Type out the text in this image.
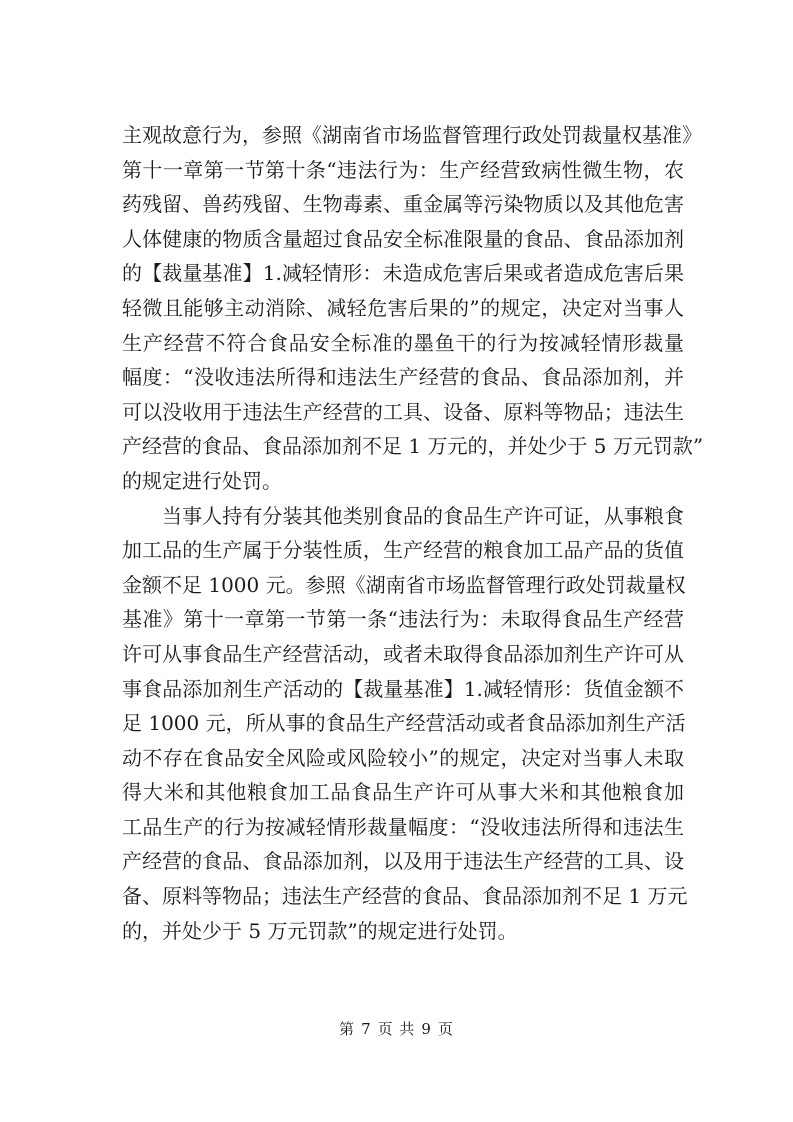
主观故意行为，参照《湖南省市场监督管理行政处罚裁量权基准》
第十一章第一节第十条“违法行为：生产经营致病性微生物，农
药残留、兽药残留、生物毒素、重金属等污染物质以及其他危害
人体健康的物质含量超过食品安全标准限量的食品、食品添加剂
的【裁量基准】1.减轻情形：未造成危害后果或者造成危害后果
轻微且能够主动消除、减轻危害后果的”的规定，决定对当事人
生产经营不符合食品安全标准的墨鱼干的行为按减轻情形裁量
幅度：“没收违法所得和违法生产经营的食品、食品添加剂，并
可以没收用于违法生产经营的工具、设备、原料等物品；违法生
产经营的食品、食品添加剂不足 1 万元的，并处少于 5 万元罚款”
的规定进行处罚。
当事人持有分装其他类别食品的食品生产许可证，从事粮食
加工品的生产属于分装性质，生产经营的粮食加工品产品的货值
金额不足 1000 元。参照《湖南省市场监督管理行政处罚裁量权
基准》第十一章第一节第一条“违法行为：未取得食品生产经营
许可从事食品生产经营活动，或者未取得食品添加剂生产许可从
事食品添加剂生产活动的【裁量基准】1.减轻情形：货值金额不
足 1000 元，所从事的食品生产经营活动或者食品添加剂生产活
动不存在食品安全风险或风险较小”的规定，决定对当事人未取
得大米和其他粮食加工品食品生产许可从事大米和其他粮食加
工品生产的行为按减轻情形裁量幅度：“没收违法所得和违法生
产经营的食品、食品添加剂，以及用于违法生产经营的工具、设
备、原料等物品；违法生产经营的食品、食品添加剂不足 1 万元
的，并处少于 5 万元罚款”的规定进行处罚。
第 7 页 共 9 页
